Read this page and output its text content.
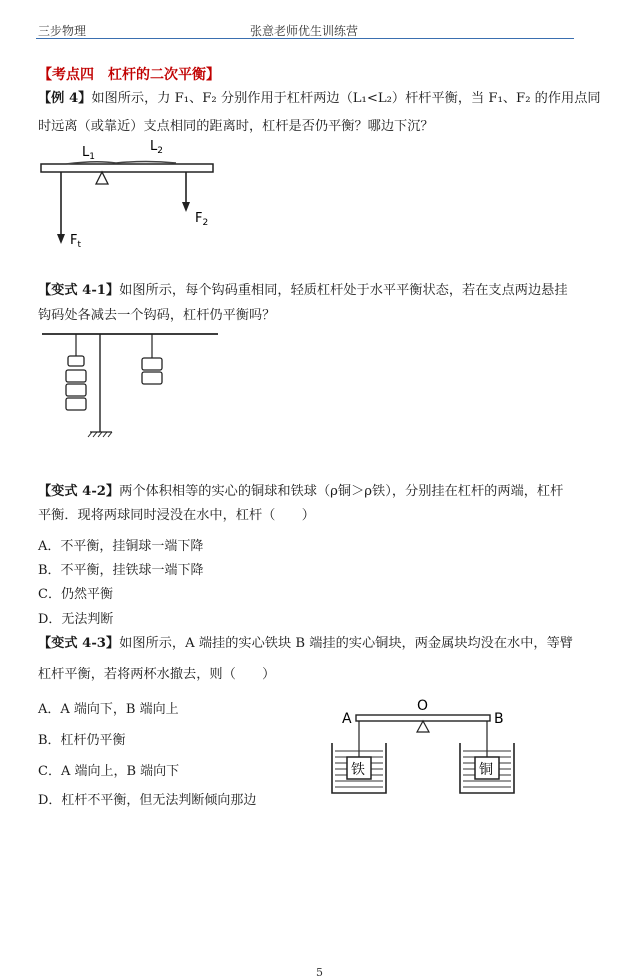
三步物理	张意老师优生训练营
【考点四　杠杆的二次平衡】
【例 4】如图所示，力 F₁、F₂ 分别作用于杠杆两边（L₁<L₂）杆杆平衡，当 F₁、F₂ 的作用点同
时远离（或靠近）支点相同的距离时，杠杆是否仍平衡？哪边下沉？
$L_1$
$L_2$
$F_t$
$F_2$
【变式 4-1】如图所示，每个钩码重相同，轻质杠杆处于水平平衡状态，若在支点两边悬挂
钩码处各减去一个钩码，杠杆仍平衡吗？
【变式 4-2】两个体积相等的实心的铜球和铁球（ρ铜＞ρ铁），分别挂在杠杆的两端，杠杆
平衡．现将两球同时浸没在水中，杠杆（　　）
A．不平衡，挂铜球一端下降
B．不平衡，挂铁球一端下降
C．仍然平衡
D．无法判断
【变式 4-3】如图所示，A 端挂的实心铁块 B 端挂的实心铜块，两金属块均没在水中，等臂
杠杆平衡，若将两杯水撤去，则（　　）
A．A 端向下，B 端向上
B．杠杆仍平衡
C．A 端向上，B 端向下
D．杠杆不平衡，但无法判断倾向那边
A
O
B
铁	铜
5
